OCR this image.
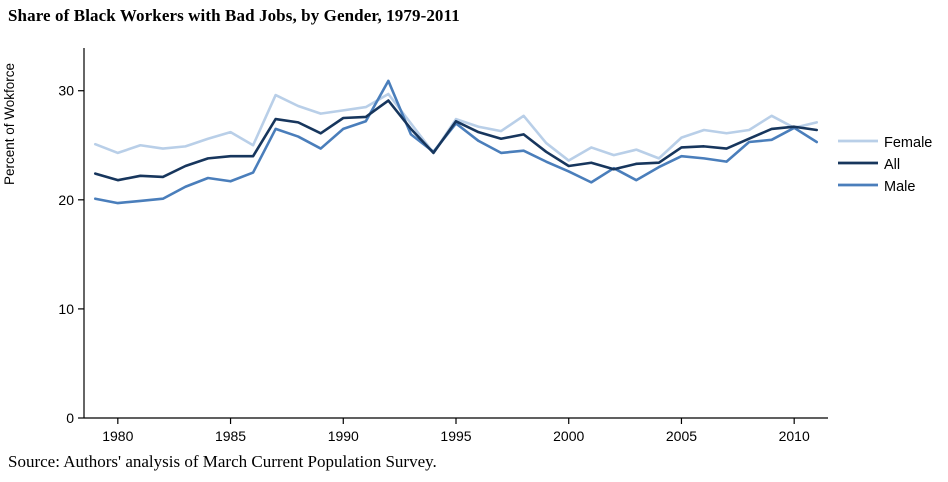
Share of Black Workers with Bad Jobs, by Gender, 1979-2011
Percent of Wokforce
0
10
20
30
1980	1985	1990	1995	2000	2005	2010
Female
All
Male
Source: Authors' analysis of March Current Population Survey.
